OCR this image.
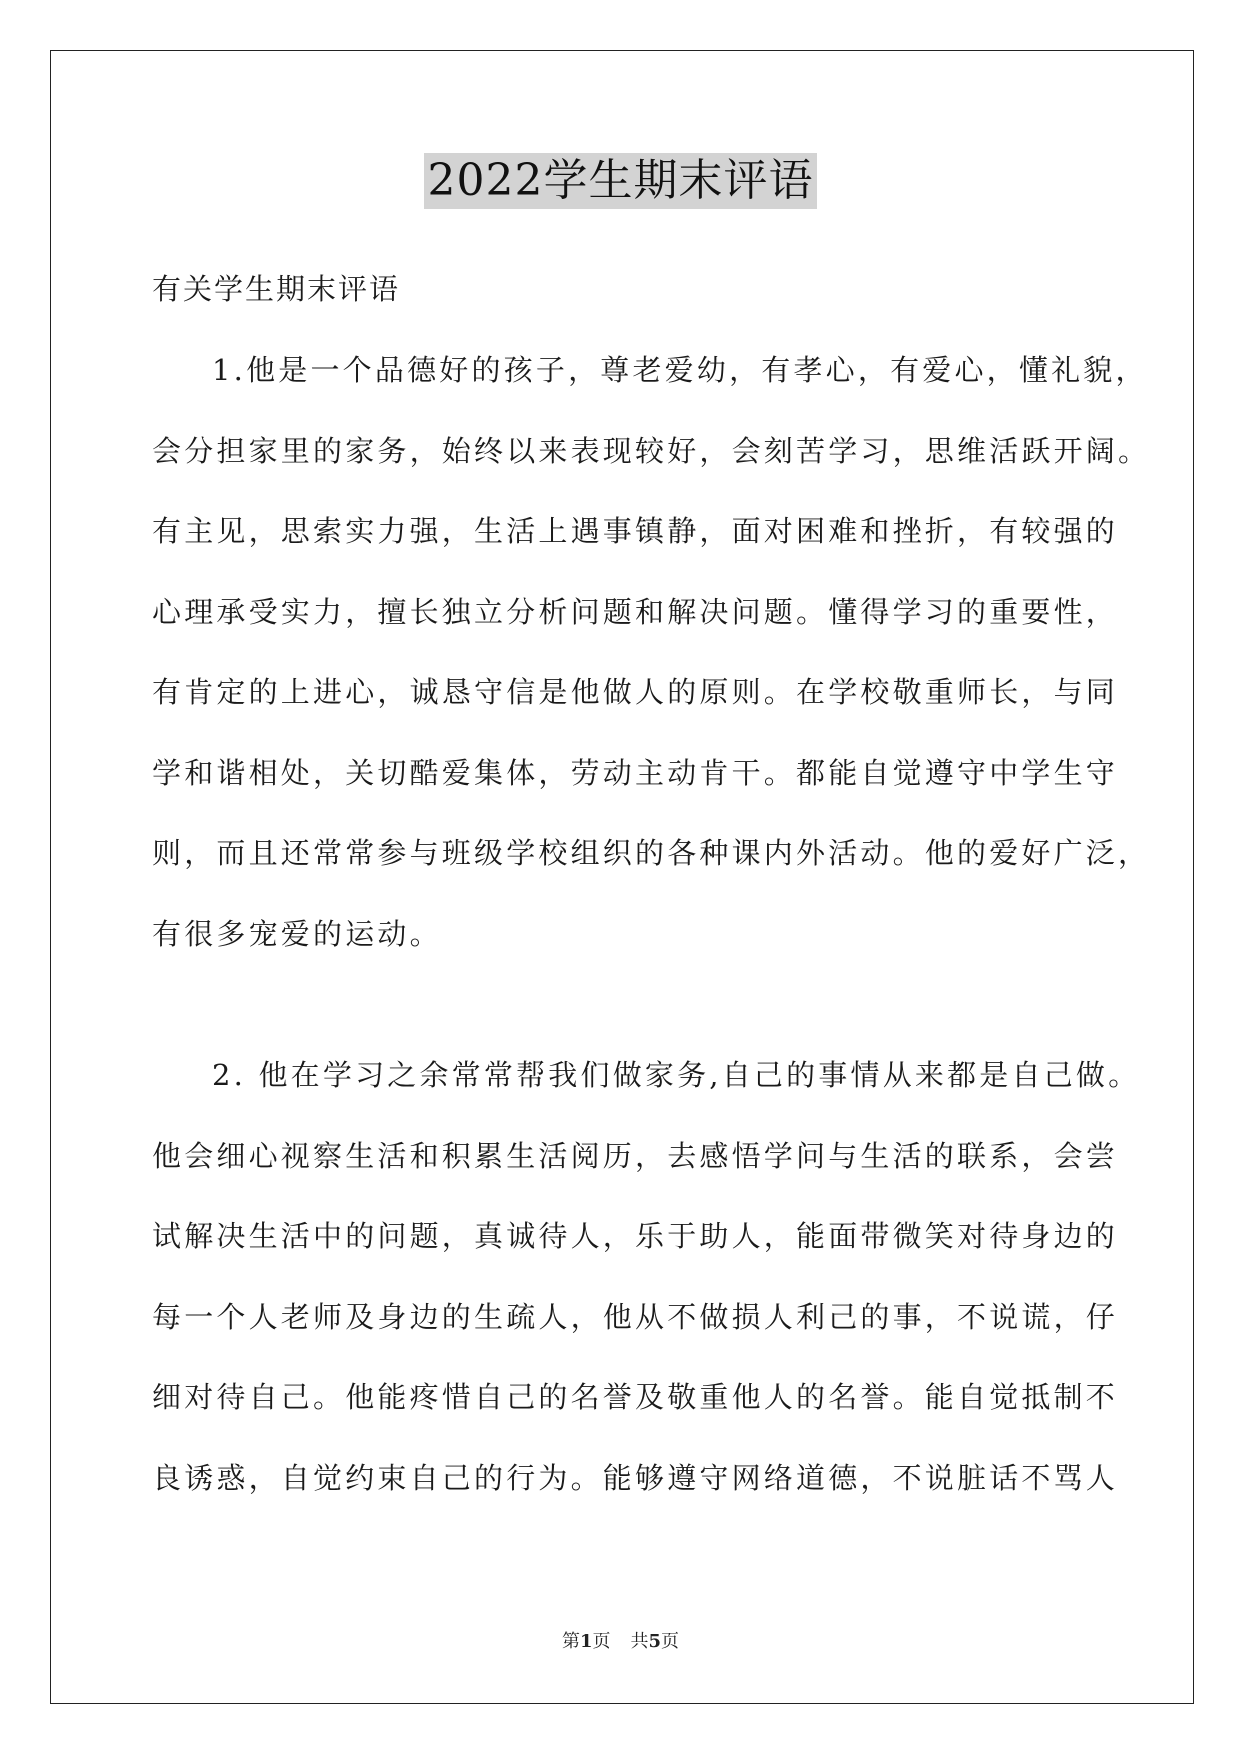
2022学生期末评语
有关学生期末评语
1.他是一个品德好的孩子，尊老爱幼，有孝心，有爱心，懂礼貌，
会分担家里的家务，始终以来表现较好，会刻苦学习，思维活跃开阔。
有主见，思索实力强，生活上遇事镇静，面对困难和挫折，有较强的
心理承受实力，擅长独立分析问题和解决问题。懂得学习的重要性，
有肯定的上进心，诚恳守信是他做人的原则。在学校敬重师长，与同
学和谐相处，关切酷爱集体，劳动主动肯干。都能自觉遵守中学生守
则，而且还常常参与班级学校组织的各种课内外活动。他的爱好广泛，
有很多宠爱的运动。
2. 他在学习之余常常帮我们做家务,自己的事情从来都是自己做。
他会细心视察生活和积累生活阅历，去感悟学问与生活的联系，会尝
试解决生活中的问题，真诚待人，乐于助人，能面带微笑对待身边的
每一个人老师及身边的生疏人，他从不做损人利己的事，不说谎，仔
细对待自己。他能疼惜自己的名誉及敬重他人的名誉。能自觉抵制不
良诱惑，自觉约束自己的行为。能够遵守网络道德，不说脏话不骂人
第1页 共5页
